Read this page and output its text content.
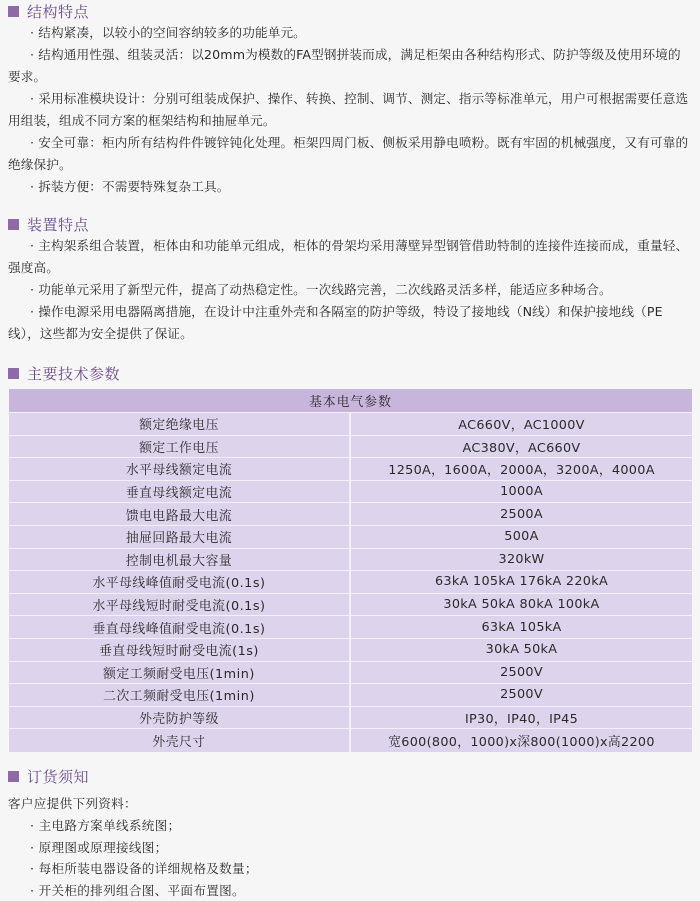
结构特点

· 结构紧凑，以较小的空间容纳较多的功能单元。

· 结构通用性强、组装灵活：以20mm为模数的FA型钢拼装而成，满足柜架由各种结构形式、防护等级及使用环境的要求。

· 采用标准模块设计：分别可组装成保护、操作、转换、控制、调节、测定、指示等标准单元，用户可根据需要任意选用组装，组成不同方案的框架结构和抽屉单元。

· 安全可靠：柜内所有结构件件镀锌钝化处理。柜架四周门板、侧板采用静电喷粉。既有牢固的机械强度，又有可靠的绝缘保护。

· 拆装方便：不需要特殊复杂工具。

装置特点

· 主构架系组合装置，柜体由和功能单元组成，柜体的骨架均采用薄壁异型钢管借助特制的连接件连接而成，重量轻、强度高。

· 功能单元采用了新型元件，提高了动热稳定性。一次线路完善，二次线路灵活多样，能适应多种场合。

· 操作电源采用电器隔离措施，在设计中注重外壳和各隔室的防护等级，特设了接地线（N线）和保护接地线（PE线），这些都为安全提供了保证。

主要技术参数
基本电气参数
额定绝缘电压	AC660V，AC1000V
额定工作电压	AC380V，AC660V
水平母线额定电流	1250A，1600A，2000A，3200A，4000A
垂直母线额定电流	1000A
馈电电路最大电流	2500A
抽屉回路最大电流	500A
控制电机最大容量	320kW
水平母线峰值耐受电流(0.1s)	63kA 105kA 176kA 220kA
水平母线短时耐受电流(0.1s)	30kA 50kA 80kA 100kA
垂直母线峰值耐受电流(0.1s)	63kA 105kA
垂直母线短时耐受电流(1s)	30kA 50kA
额定工频耐受电压(1min)	2500V
二次工频耐受电压(1min)	2500V
外壳防护等级	IP30，IP40，IP45
外壳尺寸	宽600(800，1000)x深800(1000)x高2200
订货须知
客户应提供下列资料：
· 主电路方案单线系统图；
· 原理图或原理接线图；
· 每柜所装电器设备的详细规格及数量；
· 开关柜的排列组合图、平面布置图。
